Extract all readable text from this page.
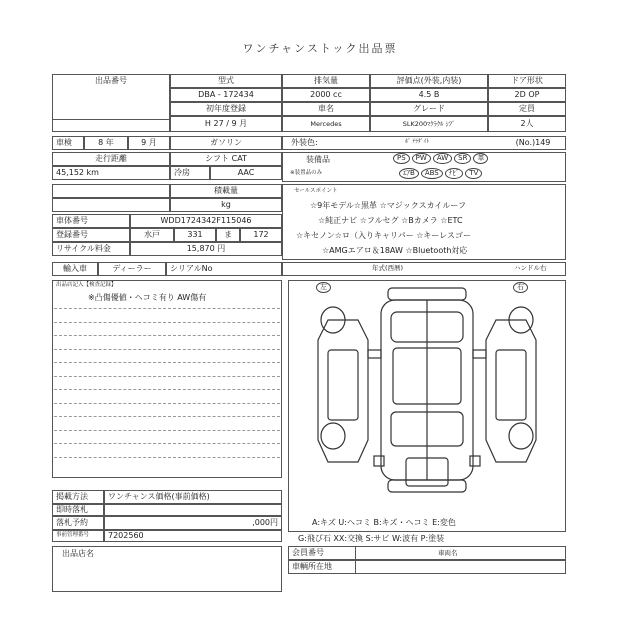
ワンチャンストック出品票
出品番号	型式	排気量	評価点(外装,内装)	ドア形状
DBA - 172434	2000 cc	4.5 B	2D OP
初年度登録	車名	グレード	定員
H 27 / 9 月	Mercedes	SLK200ﾏｸﾗｸﾙ ｼﾌﾞ	2人
車検	8 年	9 月	ガソリン	外装色:	ﾎﾟ ﾃﾗﾀﾞｲﾄ	(No.)149
走行距離	シフト CAT
45,152 km	冷房	AAC
装備品
※装置品のみ
PS PW AW SR 革
ｴｱB ABS ﾅﾋﾞ TV
積載量
kg
セールスポイント
☆9年モデル☆黒革 ☆マジックスカイルーフ
☆純正ナビ ☆フルセグ ☆Bカメラ ☆ETC
☆キセノン☆ロ（入りキャリパー ☆キーレスゴー
☆AMGエアロ＆18AW ☆Bluetooth対応
車体番号	WDD1724342F115046
登録番号	水戸	331	ま	172
リサイクル料金	15,870 円
輸入車	ディーラー	シリアルNo	年式(西暦)	ハンドル右
出品店記入【検査記録】
※凸傷優値・ヘコミ有り AW傷有
左	右
A:キズ U:ヘコミ B:キズ・ヘコミ E:変色
G:飛び石 XX:交換 S:サビ W:波有 P:塗装
掲載方法	ワンチャンス価格(事前価格)
即時落札
落札予約	,000円
事前管理番号	7202560
出品店名	会員番号	車両名
車輌所在地
